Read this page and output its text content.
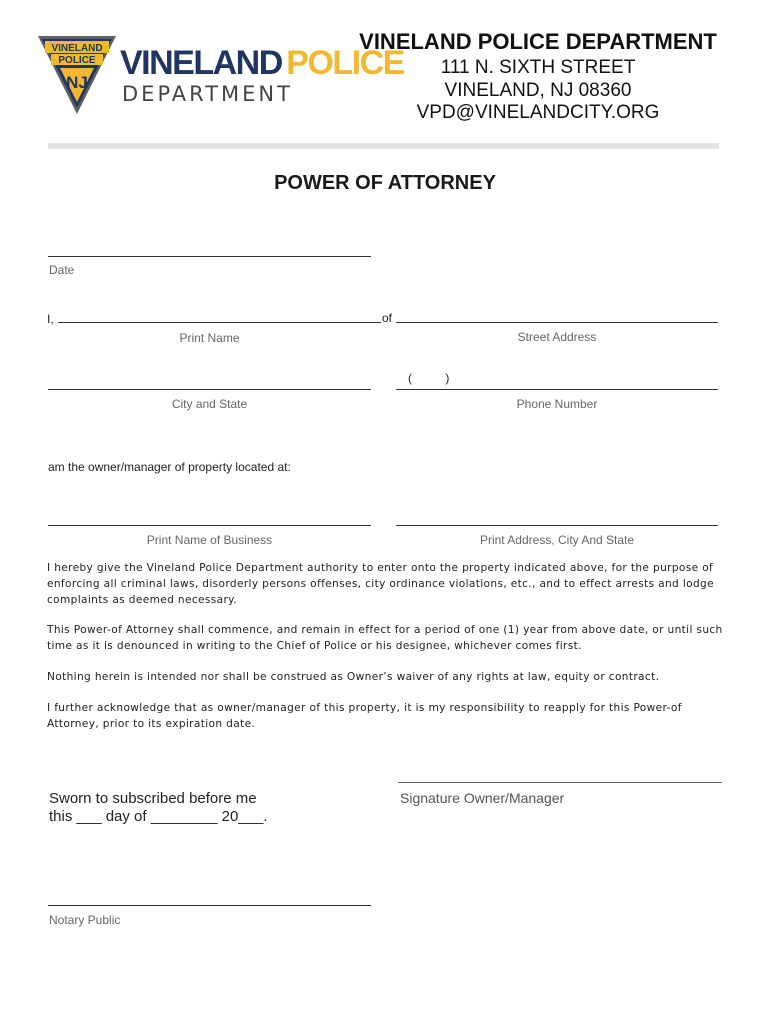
VINELAND
POLICE
NJ
VINELAND POLICE
DEPARTMENT
VINELAND POLICE DEPARTMENT
111 N. SIXTH STREET
VINELAND, NJ 08360
VPD@VINELANDCITY.ORG
POWER OF ATTORNEY
Date
I,	of
Print Name	Street Address
(          )
City and State	Phone Number
am the owner/manager of property located at:
Print Name of Business	Print Address, City And State
I hereby give the Vineland Police Department authority to enter onto the property indicated above, for the purpose of enforcing all criminal laws, disorderly persons offenses, city ordinance violations, etc., and to effect arrests and lodge complaints as deemed necessary.
This Power-of Attorney shall commence, and remain in effect for a period of one (1) year from above date, or until such time as it is denounced in writing to the Chief of Police or his designee, whichever comes first.
Nothing herein is intended nor shall be construed as Owner’s waiver of any rights at law, equity or contract.
I further acknowledge that as owner/manager of this property, it is my responsibility to reapply for this Power-of Attorney, prior to its expiration date.
Sworn to subscribed before me
this ___ day of ________ 20___.
Signature Owner/Manager
Notary Public
